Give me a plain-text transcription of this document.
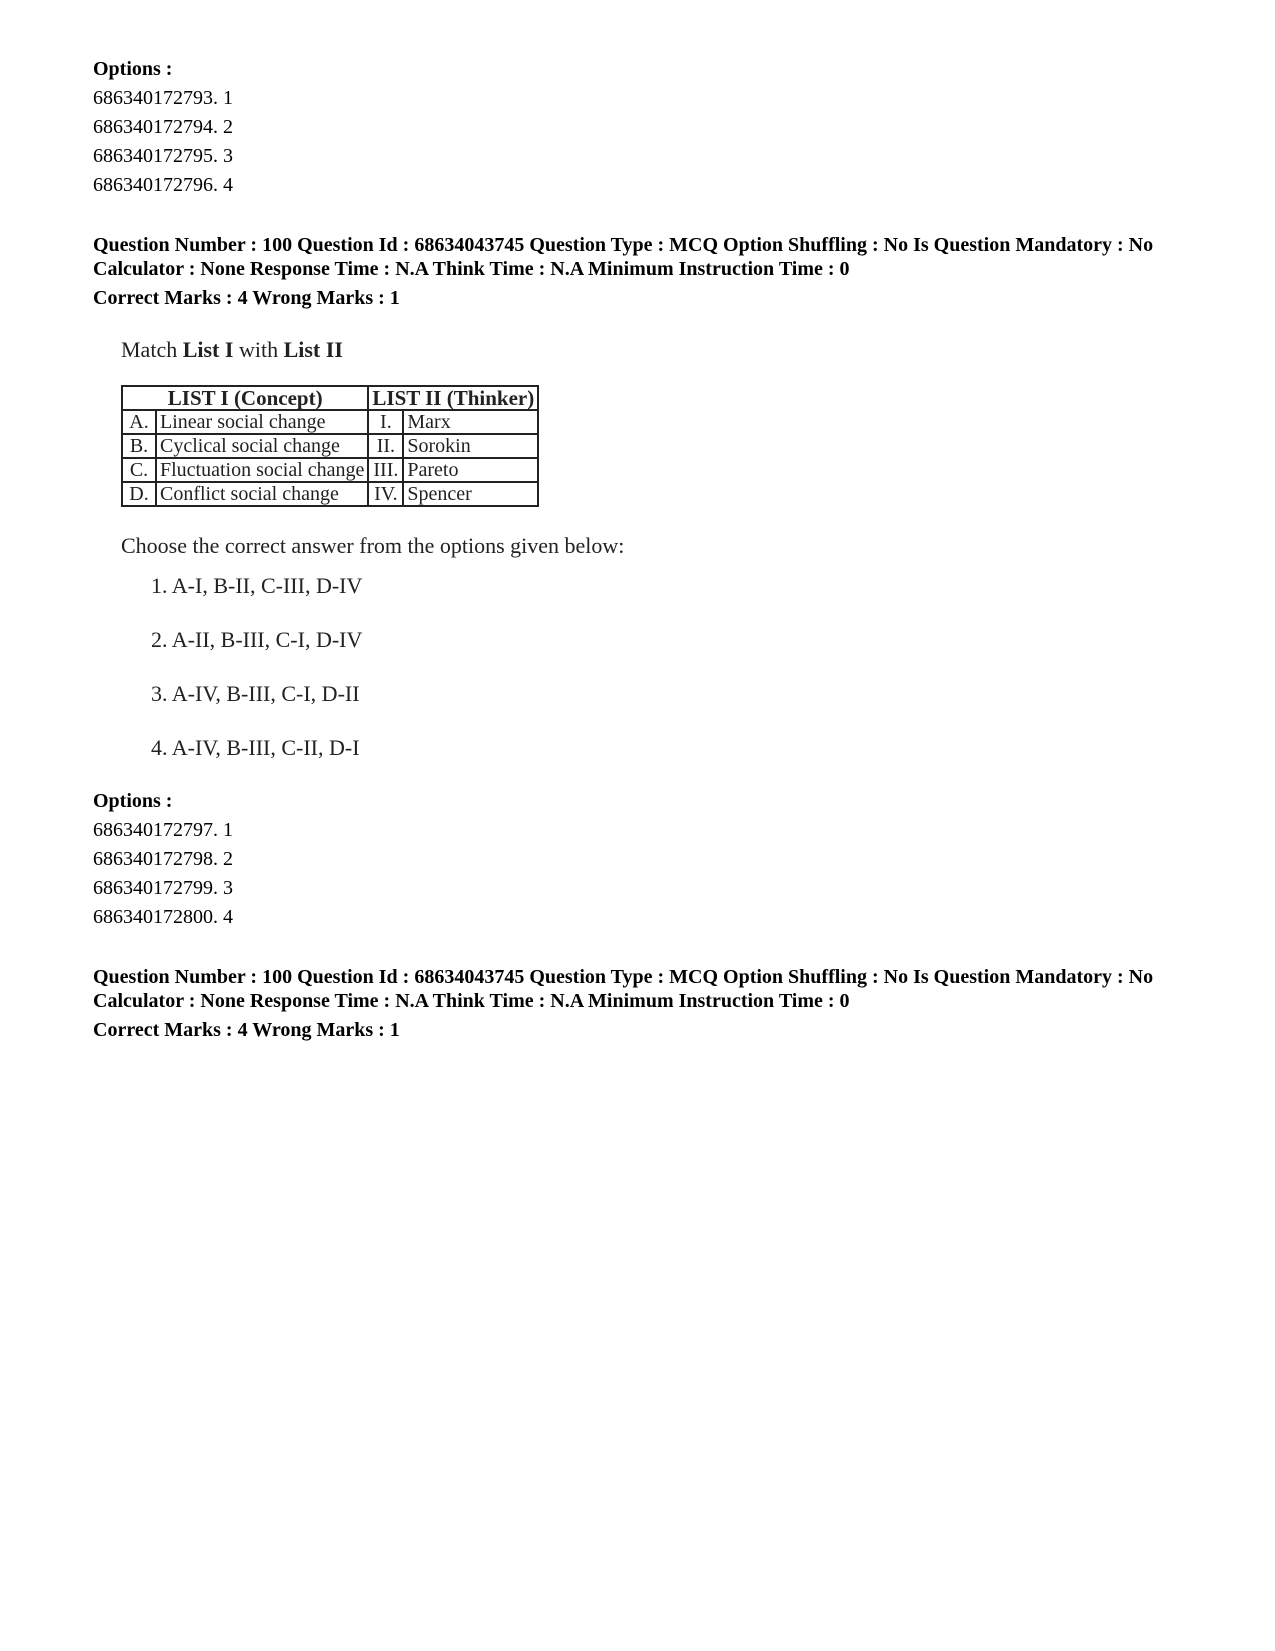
Options :
686340172793. 1
686340172794. 2
686340172795. 3
686340172796. 4
Question Number : 100 Question Id : 68634043745 Question Type : MCQ Option Shuffling : No Is Question Mandatory : No Calculator : None Response Time : N.A Think Time : N.A Minimum Instruction Time : 0
Correct Marks : 4 Wrong Marks : 1
Match List I with List II
LIST I (Concept)		LIST II (Thinker)	
A.	Linear social change	I.	Marx
B.	Cyclical social change	II.	Sorokin
C.	Fluctuation social change	III.	Pareto
D.	Conflict social change	IV.	Spencer
Choose the correct answer from the options given below:
1. A-I, B-II, C-III, D-IV
2. A-II, B-III, C-I, D-IV
3. A-IV, B-III, C-I, D-II
4. A-IV, B-III, C-II, D-I
Options :
686340172797. 1
686340172798. 2
686340172799. 3
686340172800. 4
Question Number : 100 Question Id : 68634043745 Question Type : MCQ Option Shuffling : No Is Question Mandatory : No Calculator : None Response Time : N.A Think Time : N.A Minimum Instruction Time : 0
Correct Marks : 4 Wrong Marks : 1
